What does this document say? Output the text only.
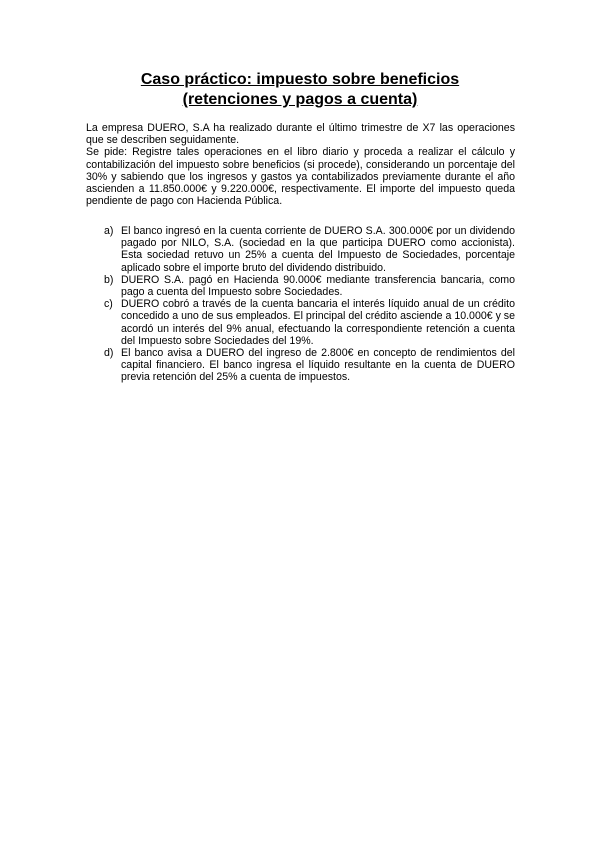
Caso práctico: impuesto sobre beneficios
(retenciones y pagos a cuenta)

La empresa DUERO, S.A ha realizado durante el último trimestre de X7 las operaciones que se describen seguidamente.

Se pide: Registre tales operaciones en el libro diario y proceda a realizar el cálculo y contabilización del impuesto sobre beneficios (si procede), considerando un porcentaje del 30% y sabiendo que los ingresos y gastos ya contabilizados previamente durante el año ascienden a 11.850.000€ y 9.220.000€, respectivamente. El importe del impuesto queda pendiente de pago con Hacienda Pública.

a) El banco ingresó en la cuenta corriente de DUERO S.A. 300.000€ por un dividendo pagado por NILO, S.A. (sociedad en la que participa DUERO como accionista). Esta sociedad retuvo un 25% a cuenta del Impuesto de Sociedades, porcentaje aplicado sobre el importe bruto del dividendo distribuido.
b) DUERO S.A. pagó en Hacienda 90.000€ mediante transferencia bancaria, como pago a cuenta del Impuesto sobre Sociedades.
c) DUERO cobró a través de la cuenta bancaria el interés líquido anual de un crédito concedido a uno de sus empleados. El principal del crédito asciende a 10.000€ y se acordó un interés del 9% anual, efectuando la correspondiente retención a cuenta del Impuesto sobre Sociedades del 19%.
d) El banco avisa a DUERO del ingreso de 2.800€ en concepto de rendimientos del capital financiero. El banco ingresa el líquido resultante en la cuenta de DUERO previa retención del 25% a cuenta de impuestos.
